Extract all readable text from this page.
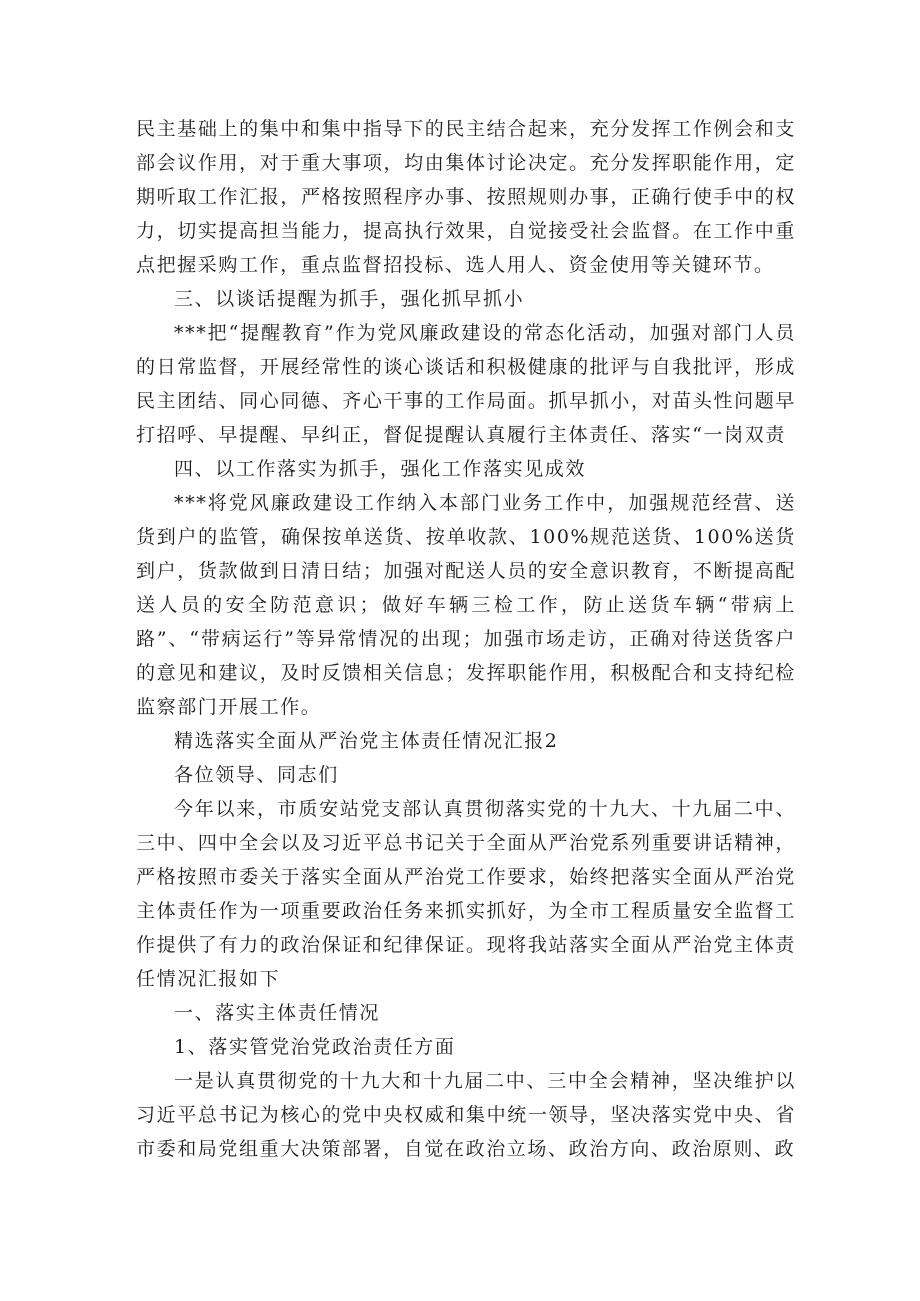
民主基础上的集中和集中指导下的民主结合起来，充分发挥工作例会和支部会议作用，对于重大事项，均由集体讨论决定。充分发挥职能作用，定期听取工作汇报，严格按照程序办事、按照规则办事，正确行使手中的权力，切实提高担当能力，提高执行效果，自觉接受社会监督。在工作中重点把握采购工作，重点监督招投标、选人用人、资金使用等关键环节。

三、以谈话提醒为抓手，强化抓早抓小

***把“提醒教育”作为党风廉政建设的常态化活动，加强对部门人员的日常监督，开展经常性的谈心谈话和积极健康的批评与自我批评，形成民主团结、同心同德、齐心干事的工作局面。抓早抓小，对苗头性问题早打招呼、早提醒、早纠正，督促提醒认真履行主体责任、落实“一岗双责

四、以工作落实为抓手，强化工作落实见成效

***将党风廉政建设工作纳入本部门业务工作中，加强规范经营、送货到户的监管，确保按单送货、按单收款、100%规范送货、100%送货到户，货款做到日清日结；加强对配送人员的安全意识教育，不断提高配送人员的安全防范意识；做好车辆三检工作，防止送货车辆“带病上路”、“带病运行”等异常情况的出现；加强市场走访，正确对待送货客户的意见和建议，及时反馈相关信息；发挥职能作用，积极配合和支持纪检监察部门开展工作。

精选落实全面从严治党主体责任情况汇报2

各位领导、同志们

今年以来，市质安站党支部认真贯彻落实党的十九大、十九届二中、三中、四中全会以及习近平总书记关于全面从严治党系列重要讲话精神，严格按照市委关于落实全面从严治党工作要求，始终把落实全面从严治党主体责任作为一项重要政治任务来抓实抓好，为全市工程质量安全监督工作提供了有力的政治保证和纪律保证。现将我站落实全面从严治党主体责任情况汇报如下

一、落实主体责任情况

1、落实管党治党政治责任方面

一是认真贯彻党的十九大和十九届二中、三中全会精神，坚决维护以习近平总书记为核心的党中央权威和集中统一领导，坚决落实党中央、省市委和局党组重大决策部署，自觉在政治立场、政治方向、政治原则、政
